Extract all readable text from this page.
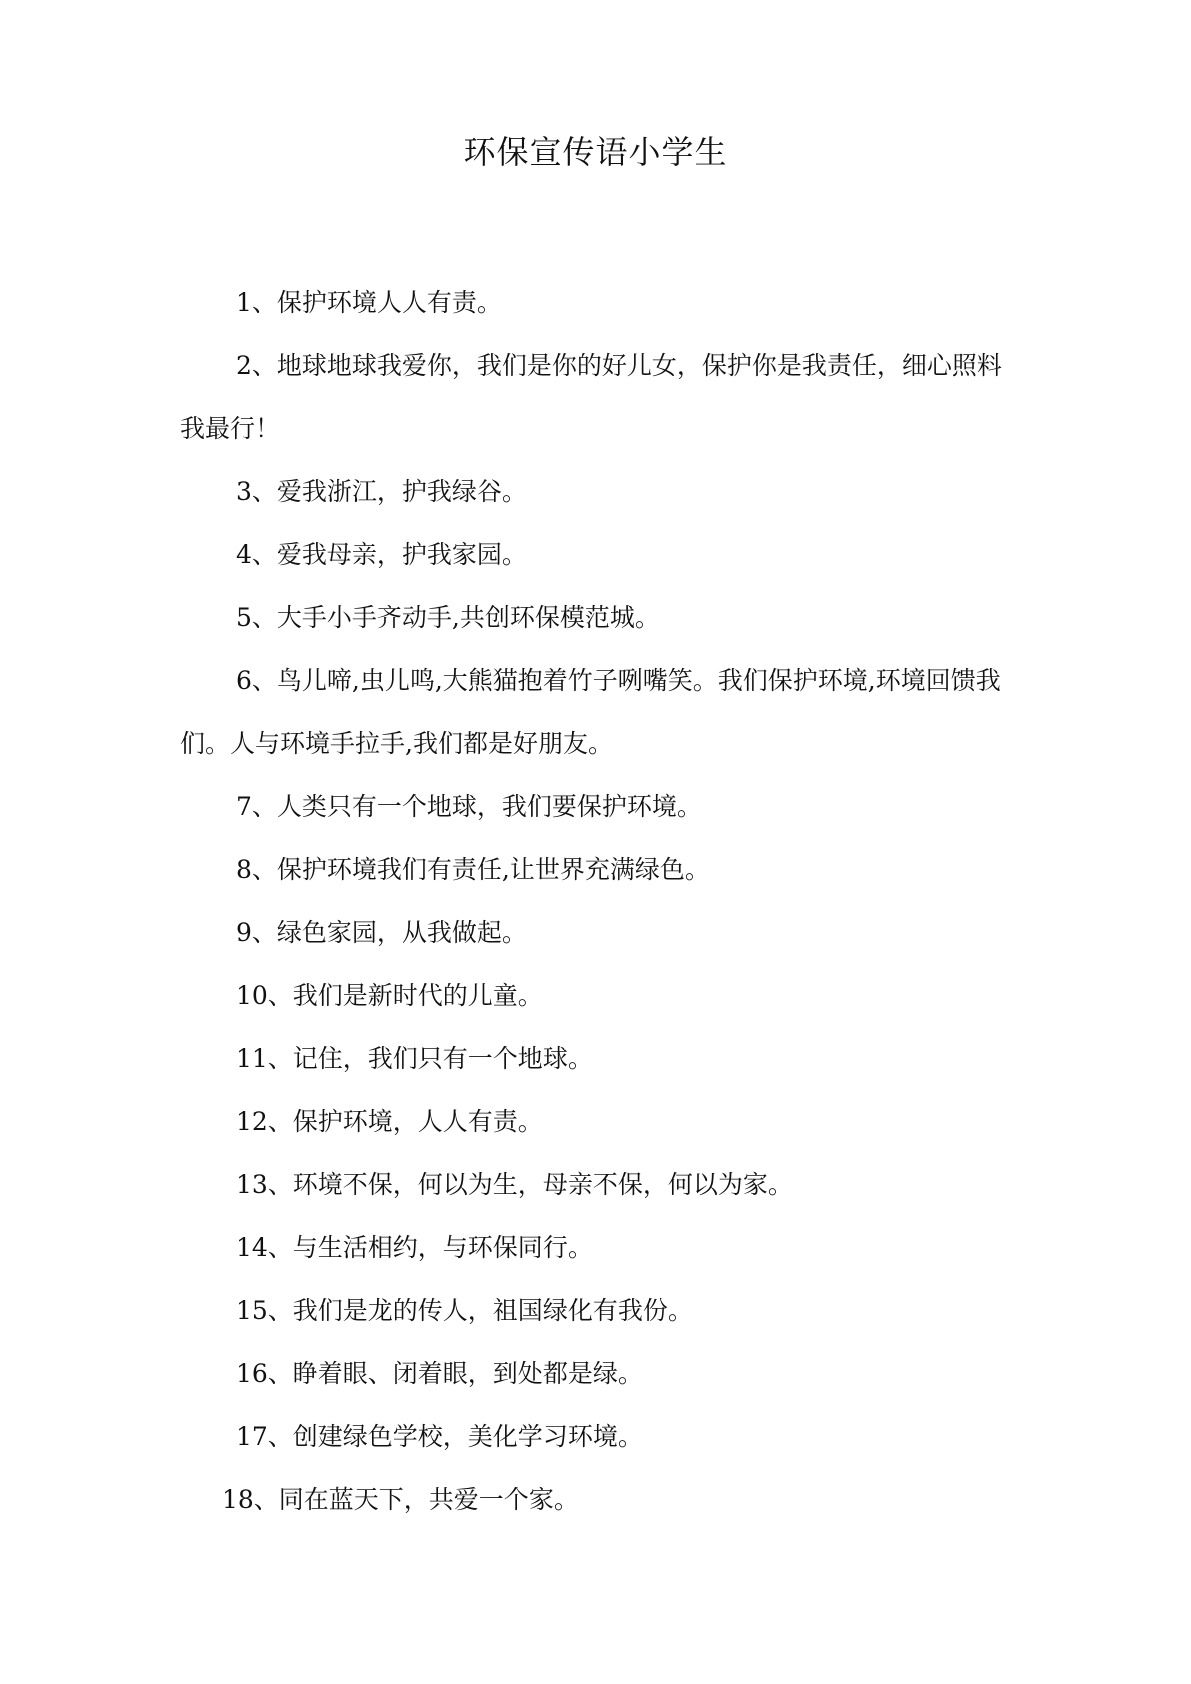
环保宣传语小学生
1、保护环境人人有责。
2、地球地球我爱你，我们是你的好儿女，保护你是我责任，细心照料我最行！
3、爱我浙江，护我绿谷。
4、爱我母亲，护我家园。
5、大手小手齐动手,共创环保模范城。
6、鸟儿啼,虫儿鸣,大熊猫抱着竹子咧嘴笑。我们保护环境,环境回馈我们。人与环境手拉手,我们都是好朋友。
7、人类只有一个地球，我们要保护环境。
8、保护环境我们有责任,让世界充满绿色。
9、绿色家园，从我做起。
10、我们是新时代的儿童。
11、记住，我们只有一个地球。
12、保护环境，人人有责。
13、环境不保，何以为生，母亲不保，何以为家。
14、与生活相约，与环保同行。
15、我们是龙的传人，祖国绿化有我份。
16、睁着眼、闭着眼，到处都是绿。
17、创建绿色学校，美化学习环境。
18、同在蓝天下，共爱一个家。
